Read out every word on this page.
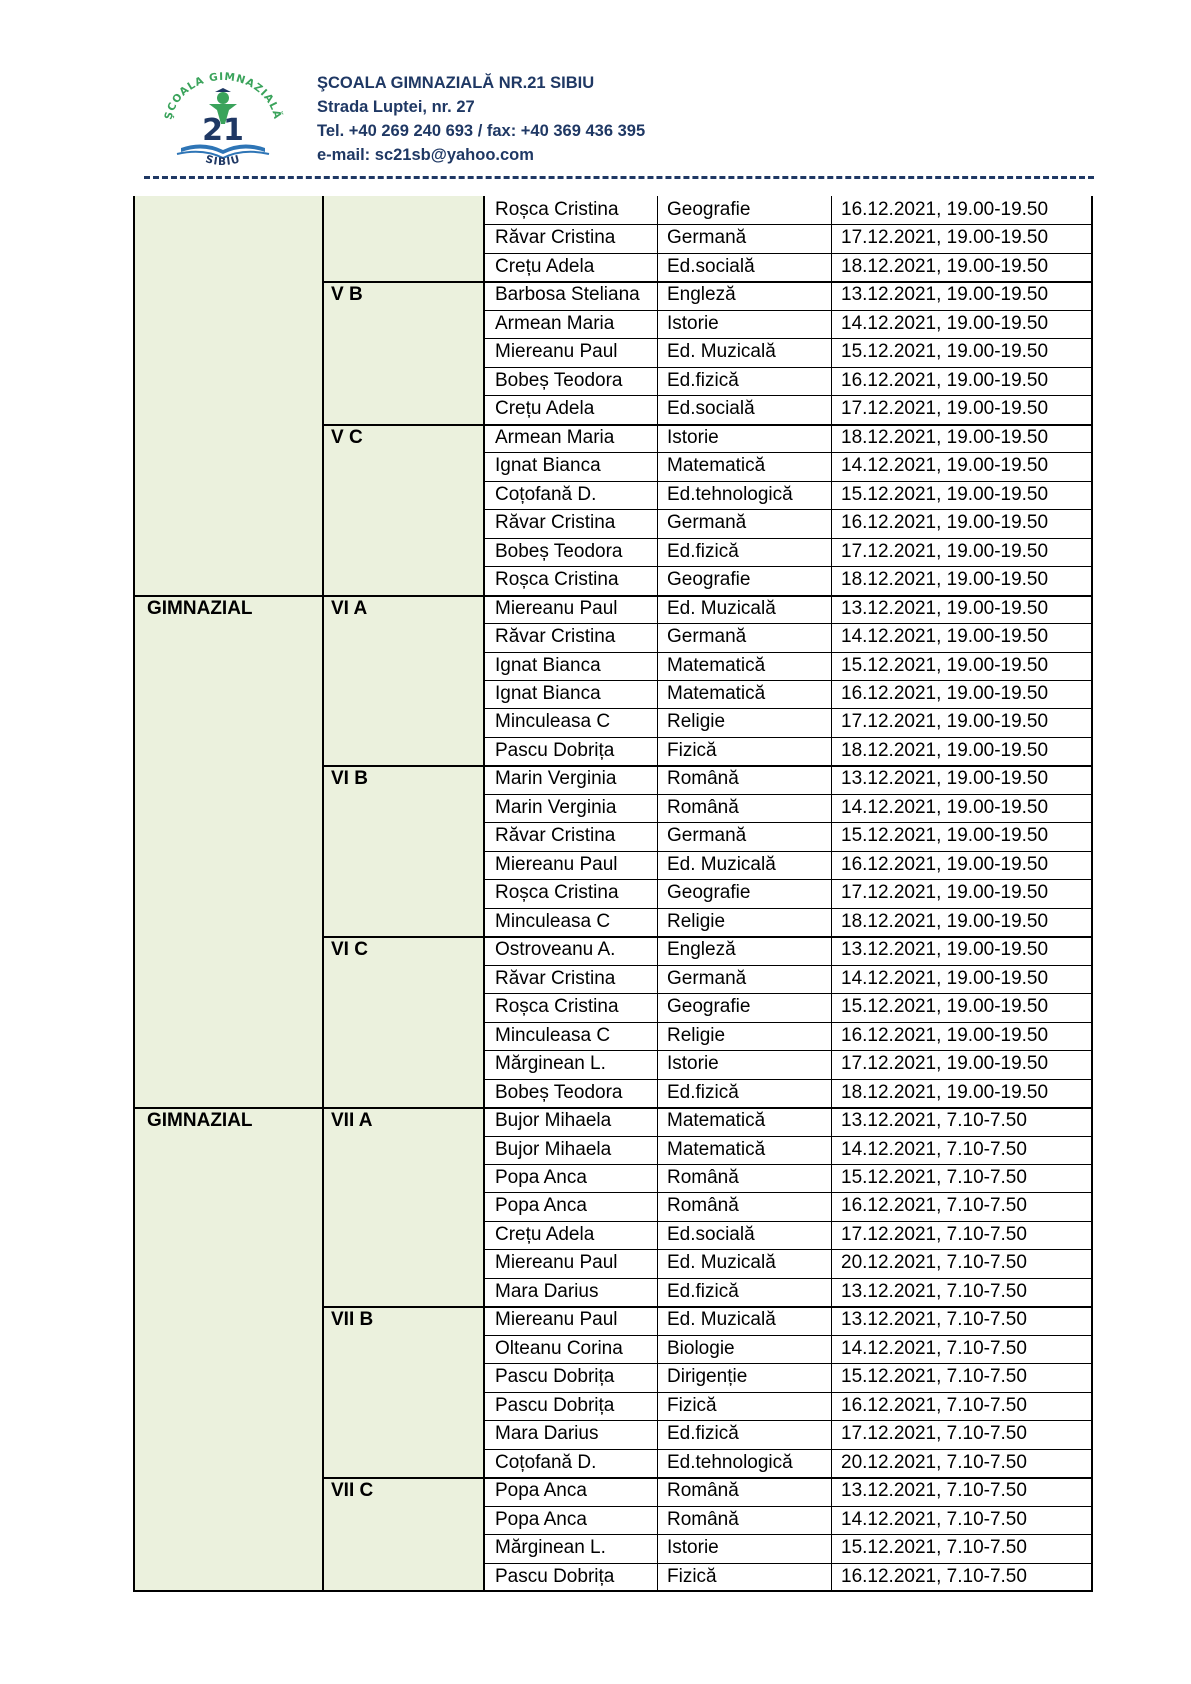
ŞCOALA GIMNAZIALĂ
21
SIBIU
ŞCOALA GIMNAZIALĂ NR.21 SIBIU
Strada Luptei, nr. 27
Tel. +40 269 240 693 / fax: +40 369 436 395
e-mail: sc21sb@yahoo.com
Roșca Cristina	Geografie	16.12.2021, 19.00-19.50
Răvar Cristina	Germană	17.12.2021, 19.00-19.50
Crețu Adela	Ed.socială	18.12.2021, 19.00-19.50
V B	Barbosa Steliana	Engleză	13.12.2021, 19.00-19.50
Armean Maria	Istorie	14.12.2021, 19.00-19.50
Miereanu Paul	Ed. Muzicală	15.12.2021, 19.00-19.50
Bobeș Teodora	Ed.fizică	16.12.2021, 19.00-19.50
Crețu Adela	Ed.socială	17.12.2021, 19.00-19.50
V C	Armean Maria	Istorie	18.12.2021, 19.00-19.50
Ignat Bianca	Matematică	14.12.2021, 19.00-19.50
Coțofană D.	Ed.tehnologică	15.12.2021, 19.00-19.50
Răvar Cristina	Germană	16.12.2021, 19.00-19.50
Bobeș Teodora	Ed.fizică	17.12.2021, 19.00-19.50
Roșca Cristina	Geografie	18.12.2021, 19.00-19.50
GIMNAZIAL	VI A	Miereanu Paul	Ed. Muzicală	13.12.2021, 19.00-19.50
Răvar Cristina	Germană	14.12.2021, 19.00-19.50
Ignat Bianca	Matematică	15.12.2021, 19.00-19.50
Ignat Bianca	Matematică	16.12.2021, 19.00-19.50
Minculeasa C	Religie	17.12.2021, 19.00-19.50
Pascu Dobrița	Fizică	18.12.2021, 19.00-19.50
VI B	Marin Verginia	Română	13.12.2021, 19.00-19.50
Marin Verginia	Română	14.12.2021, 19.00-19.50
Răvar Cristina	Germană	15.12.2021, 19.00-19.50
Miereanu Paul	Ed. Muzicală	16.12.2021, 19.00-19.50
Roșca Cristina	Geografie	17.12.2021, 19.00-19.50
Minculeasa C	Religie	18.12.2021, 19.00-19.50
VI C	Ostroveanu A.	Engleză	13.12.2021, 19.00-19.50
Răvar Cristina	Germană	14.12.2021, 19.00-19.50
Roșca Cristina	Geografie	15.12.2021, 19.00-19.50
Minculeasa C	Religie	16.12.2021, 19.00-19.50
Mărginean L.	Istorie	17.12.2021, 19.00-19.50
Bobeș Teodora	Ed.fizică	18.12.2021, 19.00-19.50
GIMNAZIAL	VII A	Bujor Mihaela	Matematică	13.12.2021, 7.10-7.50
Bujor Mihaela	Matematică	14.12.2021, 7.10-7.50
Popa Anca	Română	15.12.2021, 7.10-7.50
Popa Anca	Română	16.12.2021, 7.10-7.50
Crețu Adela	Ed.socială	17.12.2021, 7.10-7.50
Miereanu Paul	Ed. Muzicală	20.12.2021, 7.10-7.50
Mara Darius	Ed.fizică	13.12.2021, 7.10-7.50
VII B	Miereanu Paul	Ed. Muzicală	13.12.2021, 7.10-7.50
Olteanu Corina	Biologie	14.12.2021, 7.10-7.50
Pascu Dobrița	Dirigenție	15.12.2021, 7.10-7.50
Pascu Dobrița	Fizică	16.12.2021, 7.10-7.50
Mara Darius	Ed.fizică	17.12.2021, 7.10-7.50
Coțofană D.	Ed.tehnologică	20.12.2021, 7.10-7.50
VII C	Popa Anca	Română	13.12.2021, 7.10-7.50
Popa Anca	Română	14.12.2021, 7.10-7.50
Mărginean L.	Istorie	15.12.2021, 7.10-7.50
Pascu Dobrița	Fizică	16.12.2021, 7.10-7.50
